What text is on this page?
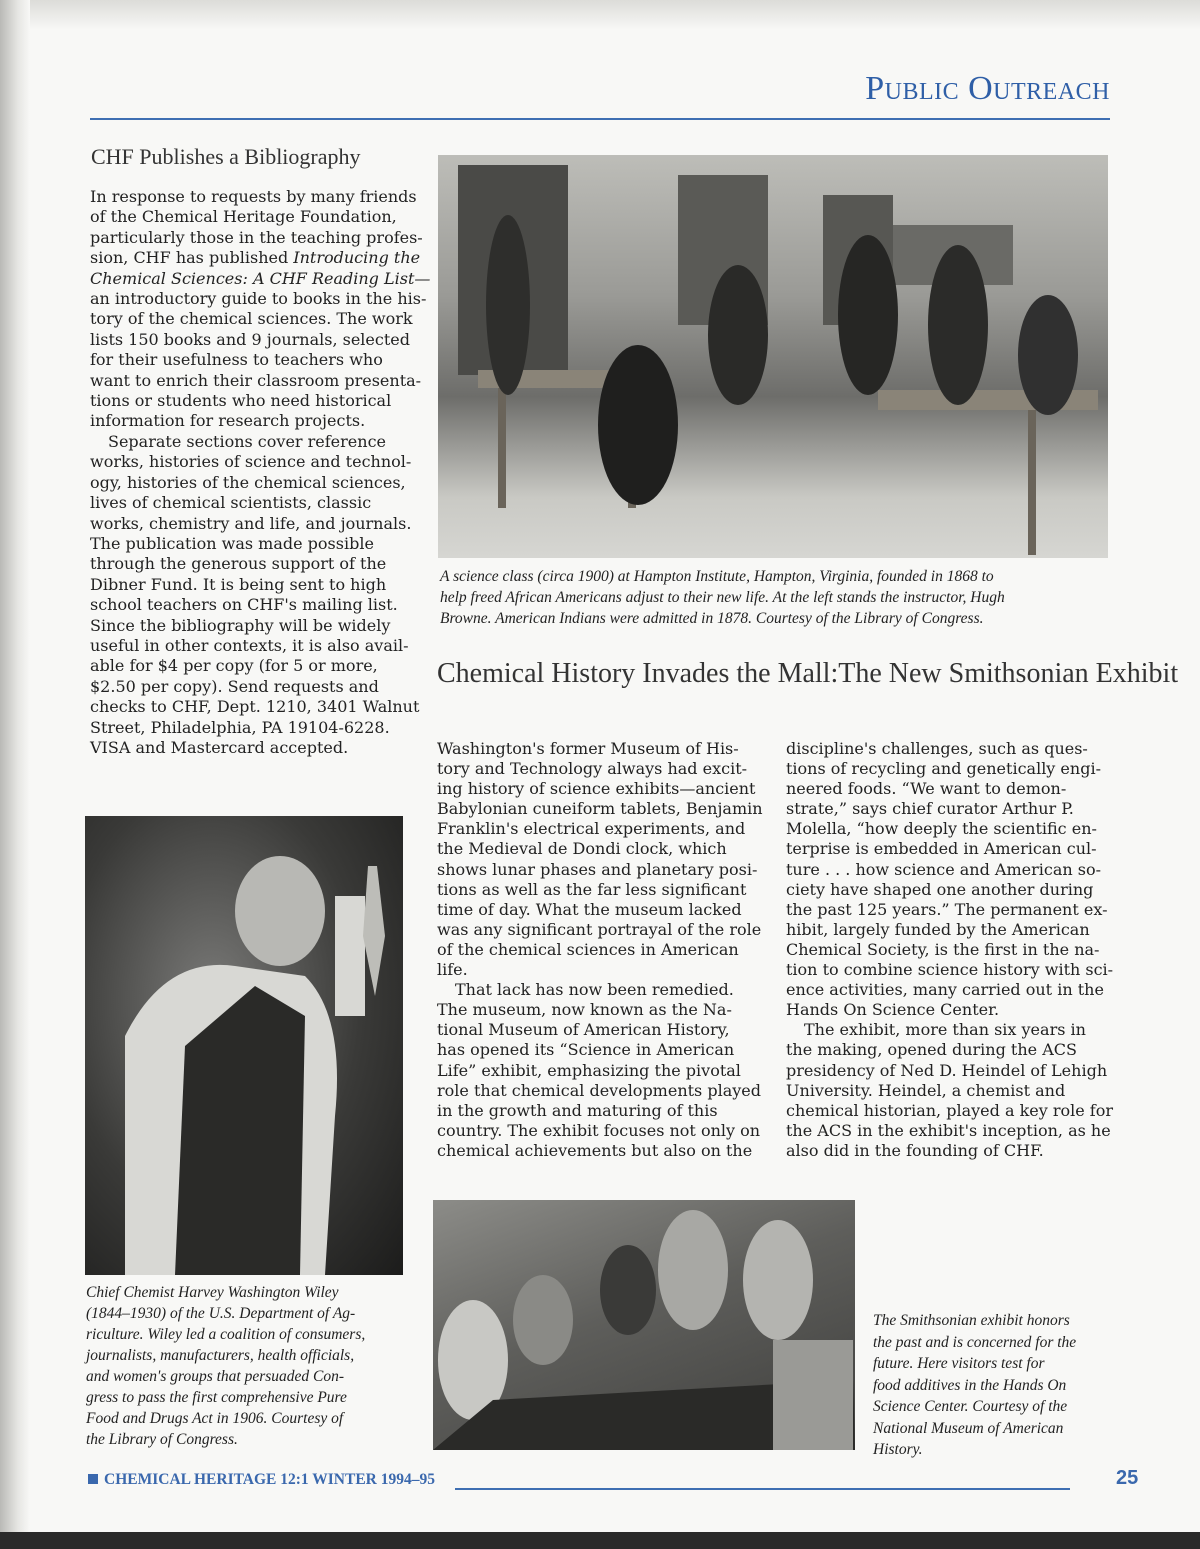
Public Outreach
CHF Publishes a Bibliography
In response to requests by many friends
of the Chemical Heritage Foundation,
particularly those in the teaching profes-
sion, CHF has published Introducing the
Chemical Sciences: A CHF Reading List—
an introductory guide to books in the his-
tory of the chemical sciences. The work
lists 150 books and 9 journals, selected
for their usefulness to teachers who
want to enrich their classroom presenta-
tions or students who need historical
information for research projects.
Separate sections cover reference
works, histories of science and technol-
ogy, histories of the chemical sciences,
lives of chemical scientists, classic
works, chemistry and life, and journals.
The publication was made possible
through the generous support of the
Dibner Fund. It is being sent to high
school teachers on CHF's mailing list.
Since the bibliography will be widely
useful in other contexts, it is also avail-
able for $4 per copy (for 5 or more,
$2.50 per copy). Send requests and
checks to CHF, Dept. 1210, 3401 Walnut
Street, Philadelphia, PA 19104-6228.
VISA and Mastercard accepted.
A science class (circa 1900) at Hampton Institute, Hampton, Virginia, founded in 1868 to
help freed African Americans adjust to their new life. At the left stands the instructor, Hugh
Browne. American Indians were admitted in 1878. Courtesy of the Library of Congress.
Chemical History Invades the Mall:The New Smithsonian Exhibit
Washington's former Museum of His-
tory and Technology always had excit-
ing history of science exhibits—ancient
Babylonian cuneiform tablets, Benjamin
Franklin's electrical experiments, and
the Medieval de Dondi clock, which
shows lunar phases and planetary posi-
tions as well as the far less significant
time of day. What the museum lacked
was any significant portrayal of the role
of the chemical sciences in American
life.
That lack has now been remedied.
The museum, now known as the Na-
tional Museum of American History,
has opened its “Science in American
Life” exhibit, emphasizing the pivotal
role that chemical developments played
in the growth and maturing of this
country. The exhibit focuses not only on
chemical achievements but also on the
discipline's challenges, such as ques-
tions of recycling and genetically engi-
neered foods. “We want to demon-
strate,” says chief curator Arthur P.
Molella, “how deeply the scientific en-
terprise is embedded in American cul-
ture . . . how science and American so-
ciety have shaped one another during
the past 125 years.” The permanent ex-
hibit, largely funded by the American
Chemical Society, is the first in the na-
tion to combine science history with sci-
ence activities, many carried out in the
Hands On Science Center.
The exhibit, more than six years in
the making, opened during the ACS
presidency of Ned D. Heindel of Lehigh
University. Heindel, a chemist and
chemical historian, played a key role for
the ACS in the exhibit's inception, as he
also did in the founding of CHF.
Chief Chemist Harvey Washington Wiley
(1844–1930) of the U.S. Department of Ag-
riculture. Wiley led a coalition of consumers,
journalists, manufacturers, health officials,
and women's groups that persuaded Con-
gress to pass the first comprehensive Pure
Food and Drugs Act in 1906. Courtesy of
the Library of Congress.
The Smithsonian exhibit honors
the past and is concerned for the
future. Here visitors test for
food additives in the Hands On
Science Center. Courtesy of the
National Museum of American
History.
CHEMICAL HERITAGE 12:1 WINTER 1994–95	25
